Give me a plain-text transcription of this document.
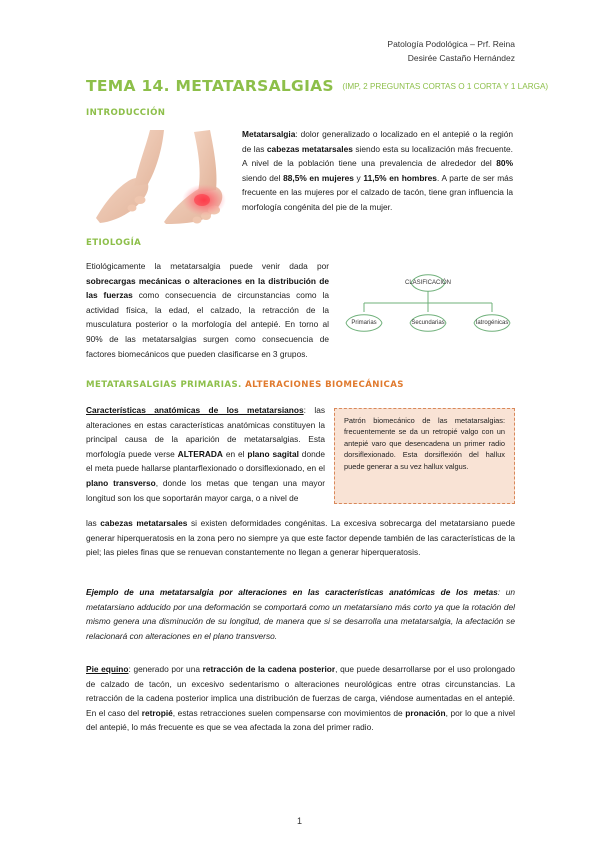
Patología Podológica – Prf. Reina
Desirée Castaño Hernández
TEMA 14. METATARSALGIAS (IMP, 2 PREGUNTAS CORTAS O 1 CORTA Y 1 LARGA)
INTRODUCCIÓN

Metatarsalgia: dolor generalizado o localizado en el antepié o la región de las cabezas metatarsales siendo esta su localización más frecuente. A nivel de la población tiene una prevalencia de alrededor del 80% siendo del 88,5% en mujeres y 11,5% en hombres. A parte de ser más frecuente en las mujeres por el calzado de tacón, tiene gran influencia la morfología congénita del pie de la mujer.

ETIOLOGÍA

Etiológicamente la metatarsalgia puede venir dada por sobrecargas mecánicas o alteraciones en la distribución de las fuerzas como consecuencia de circunstancias como la actividad física, la edad, el calzado, la retracción de la musculatura posterior o la morfología del antepié. En torno al 90% de las metatarsalgias surgen como consecuencia de factores biomecánicos que pueden clasificarse en 3 grupos.

CLASIFICACIÓN
Primarias	Secundarias	Iatrogénicas
METATARSALGIAS PRIMARIAS. ALTERACIONES BIOMECÁNICAS
Patrón biomecánico de las metatarsalgias: frecuentemente se da un retropié valgo con un antepié varo que desencadena un primer radio dorsiflexionado. Esta dorsiflexión del hallux puede generar a su vez hallux valgus.

Características anatómicas de los metatarsianos: las alteraciones en estas características anatómicas constituyen la principal causa de la aparición de metatarsalgias. Esta morfología puede verse ALTERADA en el plano sagital donde el meta puede hallarse plantarflexionado o dorsiflexionado, en el plano transverso, donde los metas que tengan una mayor longitud son los que soportarán mayor carga, o a nivel de

las cabezas metatarsales si existen deformidades congénitas. La excesiva sobrecarga del metatarsiano puede generar hiperqueratosis en la zona pero no siempre ya que este factor depende también de las características de la piel; las pieles finas que se renuevan constantemente no llegan a generar hiperqueratosis.

Ejemplo de una metatarsalgia por alteraciones en las características anatómicas de los metas: un metatarsiano adducido por una deformación se comportará como un metatarsiano más corto ya que la rotación del mismo genera una disminución de su longitud, de manera que si se desarrolla una metatarsalgia, la afectación se relacionará con alteraciones en el plano transverso.

Pie equino: generado por una retracción de la cadena posterior, que puede desarrollarse por el uso prolongado de calzado de tacón, un excesivo sedentarismo o alteraciones neurológicas entre otras circunstancias. La retracción de la cadena posterior implica una distribución de fuerzas de carga, viéndose aumentadas en el antepié. En el caso del retropié, estas retracciones suelen compensarse con movimientos de pronación, por lo que a nivel del antepié, lo más frecuente es que se vea afectada la zona del primer radio.

1
